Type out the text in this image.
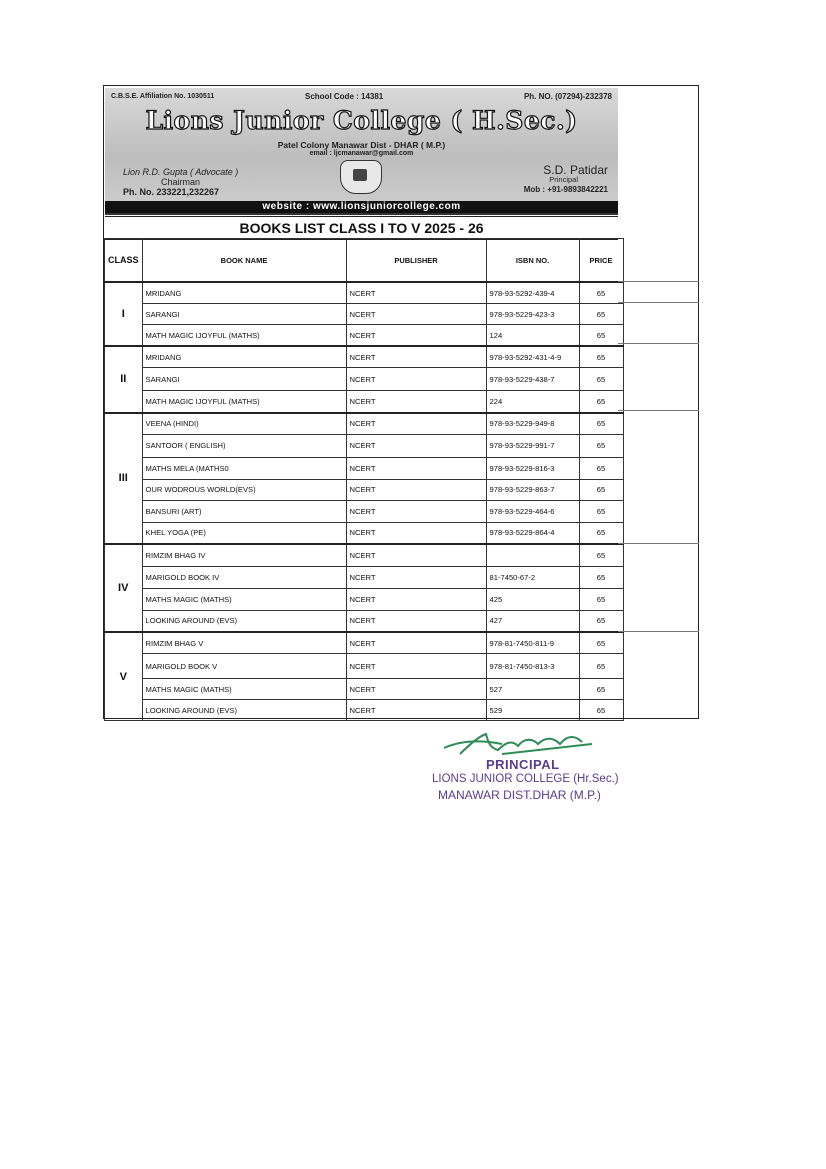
C.B.S.E. Affiliation No. 1030511	School Code : 14381	Ph. NO. (07294)-232378
Lions Junior College ( H.Sec.)
Patel Colony Manawar Dist - DHAR ( M.P.)
email : ljcmanawar@gmail.com
Lion R.D. Gupta ( Advocate )
Chairman
Ph. No. 233221,232267
S.D. Patidar
Principal
Mob : +91-9893842221
website : www.lionsjuniorcollege.com
BOOKS LIST CLASS I TO V 2025 - 26
CLASS	BOOK NAME	PUBLISHER	ISBN NO.	PRICE
I	MRIDANG	NCERT	978-93-5292-439-4	65
	SARANGI	NCERT	978-93-5229-423-3	65
	MATH MAGIC IJOYFUL (MATHS)	NCERT	124	65
II	MRIDANG	NCERT	978-93-5292-431-4-9	65
	SARANGI	NCERT	978-93-5229-438-7	65
	MATH MAGIC IJOYFUL (MATHS)	NCERT	224	65
III	VEENA (HINDI)	NCERT	978-93-5229-949-8	65
	SANTOOR ( ENGLISH)	NCERT	978-93-5229-991-7	65
	MATHS MELA (MATHS0	NCERT	978-93-5229-816-3	65
	OUR WODROUS WORLD(EVS)	NCERT	978-93-5229-863-7	65
	BANSURI (ART)	NCERT	978-93-5229-464-6	65
	KHEL YOGA (PE)	NCERT	978-93-5229-864-4	65
IV	RIMZIM BHAG IV	NCERT		65
	MARIGOLD BOOK IV	NCERT	81-7450-67-2	65
	MATHS MAGIC (MATHS)	NCERT	425	65
	LOOKING AROUND (EVS)	NCERT	427	65
V	RIMZIM BHAG V	NCERT	978-81-7450-811-9	65
	MARIGOLD BOOK V	NCERT	978-81-7450-813-3	65
	MATHS MAGIC (MATHS)	NCERT	527	65
	LOOKING AROUND (EVS)	NCERT	529	65
PRINCIPAL
LIONS JUNIOR COLLEGE (Hr.Sec.)
MANAWAR DIST.DHAR (M.P.)
